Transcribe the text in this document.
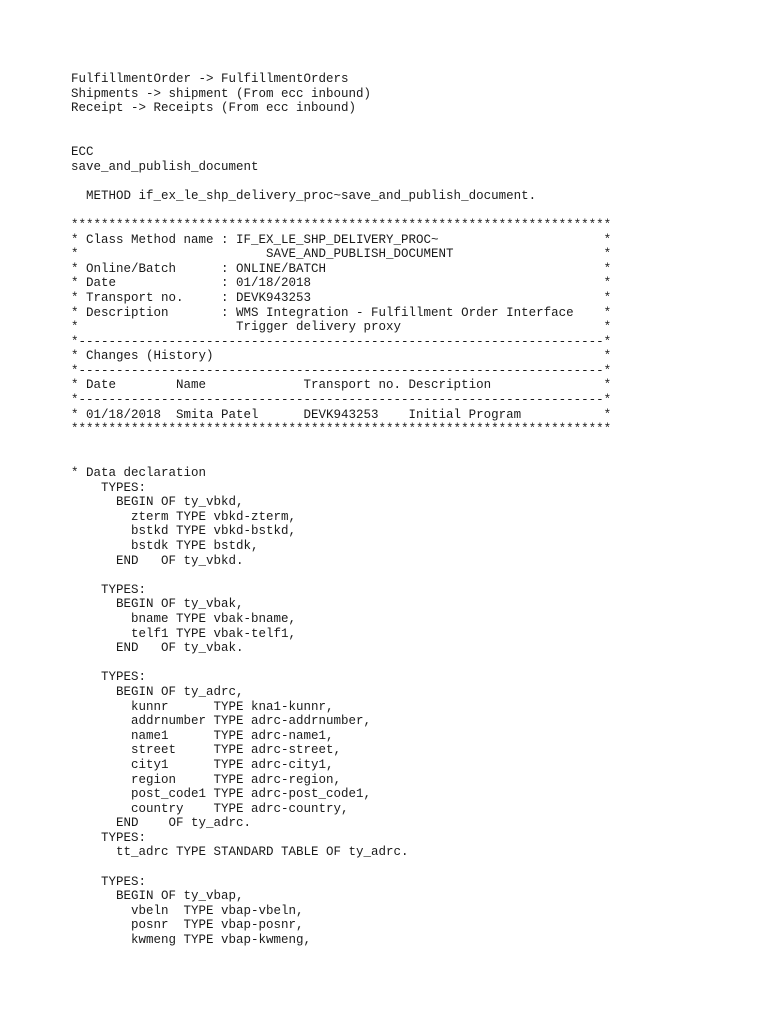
FulfillmentOrder -> FulfillmentOrders
Shipments -> shipment (From ecc inbound)
Receipt -> Receipts (From ecc inbound)
ECC
save_and_publish_document
METHOD if_ex_le_shp_delivery_proc~save_and_publish_document.
************************************************************************
* Class Method name : IF_EX_LE_SHP_DELIVERY_PROC~                      *
*                         SAVE_AND_PUBLISH_DOCUMENT                    *
* Online/Batch      : ONLINE/BATCH                                     *
* Date              : 01/18/2018                                       *
* Transport no.     : DEVK943253                                       *
* Description       : WMS Integration - Fulfillment Order Interface    *
*                     Trigger delivery proxy                           *
*----------------------------------------------------------------------*
* Changes (History)                                                    *
*----------------------------------------------------------------------*
* Date        Name             Transport no. Description               *
*----------------------------------------------------------------------*
* 01/18/2018  Smita Patel      DEVK943253    Initial Program           *
************************************************************************
* Data declaration
TYPES:
BEGIN OF ty_vbkd,
zterm TYPE vbkd-zterm,
bstkd TYPE vbkd-bstkd,
bstdk TYPE bstdk,
END   OF ty_vbkd.

TYPES:
BEGIN OF ty_vbak,
bname TYPE vbak-bname,
telf1 TYPE vbak-telf1,
END   OF ty_vbak.

TYPES:
BEGIN OF ty_adrc,
kunnr      TYPE kna1-kunnr,
addrnumber TYPE adrc-addrnumber,
name1      TYPE adrc-name1,
street     TYPE adrc-street,
city1      TYPE adrc-city1,
region     TYPE adrc-region,
post_code1 TYPE adrc-post_code1,
country    TYPE adrc-country,
END    OF ty_adrc.
TYPES:
tt_adrc TYPE STANDARD TABLE OF ty_adrc.

TYPES:
BEGIN OF ty_vbap,
vbeln  TYPE vbap-vbeln,
posnr  TYPE vbap-posnr,
kwmeng TYPE vbap-kwmeng,
